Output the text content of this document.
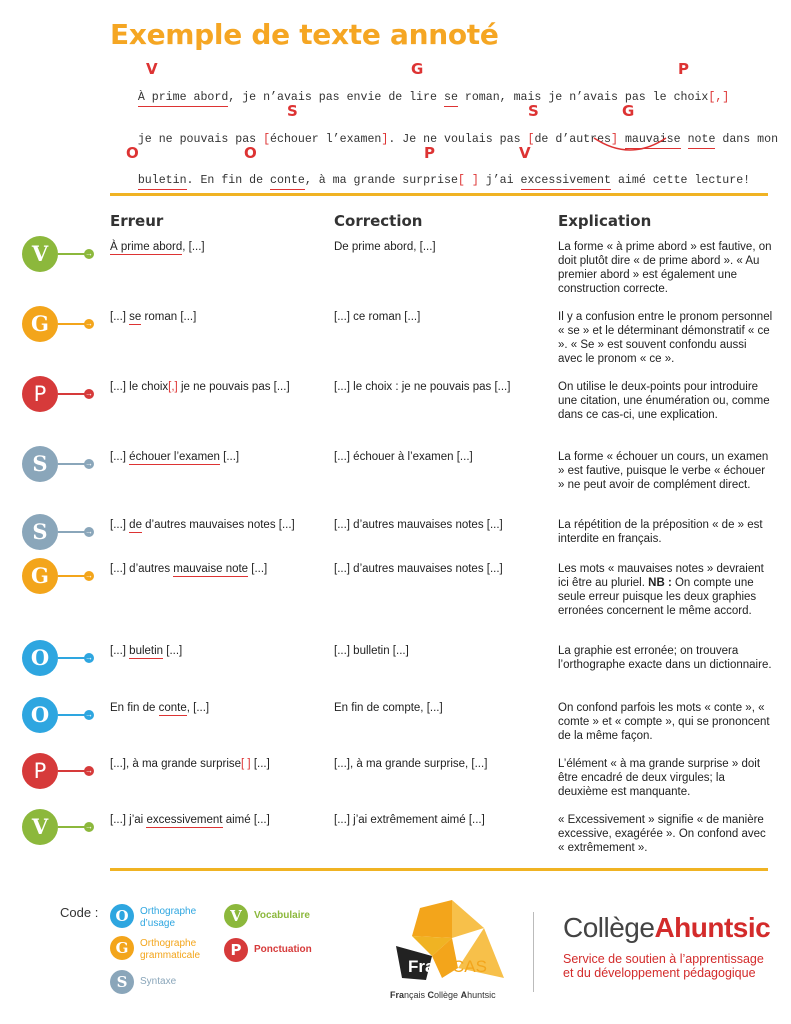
Exemple de texte annoté
V	G	P

À prime abord, je n’avais pas envie de lire se roman, mais je n’avais pas le choix[,]

S	S	G

je ne pouvais pas [échouer l’examen]. Je ne voulais pas [de d’autres] mauvaise note dans mon

O	O	P	V

buletin. En fin de conte, à ma grande surprise[ ] j’ai excessivement aimé cette lecture!

Erreur	Correction	Explication
V	→
À prime abord, [...]	De prime abord, [...]	La forme « à prime abord » est fautive, on doit plutôt dire « de prime abord ». « Au premier abord » est également une construction correcte.
G	→
[...] se roman [...]	[...] ce roman [...]	Il y a confusion entre le pronom personnel « se » et le déterminant démonstratif « ce ». « Se » est souvent confondu aussi avec le pronom « ce ».
P	→
[...] le choix[,] je ne pouvais pas [...]	[...] le choix : je ne pouvais pas [...]	On utilise le deux-points pour introduire une citation, une énumération ou, comme dans ce cas-ci, une explication.
S	→
[...] échouer l’examen [...]	[...] échouer à l’examen [...]	La forme « échouer un cours, un examen » est fautive, puisque le verbe « échouer » ne peut avoir de complément direct.
S	→
[...] de d’autres mauvaises notes [...]	[...] d’autres mauvaises notes [...]	La répétition de la préposition « de » est interdite en français.
G	→
[...] d’autres mauvaise note [...]	[...] d’autres mauvaises notes [...]	Les mots « mauvaises notes » devraient ici être au pluriel. NB : On compte une seule erreur puisque les deux graphies erronées concernent le même accord.
O	→
[...] buletin [...]	[...] bulletin [...]	La graphie est erronée; on trouvera l’orthographe exacte dans un dictionnaire.
O	→
En fin de conte, [...]	En fin de compte, [...]	On confond parfois les mots « conte », « comte » et « compte », qui se prononcent de la même façon.
P	→
[...], à ma grande surprise[ ] [...]	[...], à ma grande surprise, [...]	L’élément « à ma grande surprise » doit être encadré de deux virgules; la deuxième est manquante.
V	→
[...] j’ai excessivement aimé [...]	[...] j’ai extrêmement aimé [...]	« Excessivement » signifie « de manière excessive, exagérée ». On confond avec « extrêmement ».
Code :	O	Orthographe d’usage
G	Orthographe grammaticale
S	Syntaxe
V	Vocabulaire
P	Ponctuation
Fra CAS
Français Collège Ahuntsic
CollègeAhuntsic
Service de soutien à l’apprentissage
et du développement pédagogique
